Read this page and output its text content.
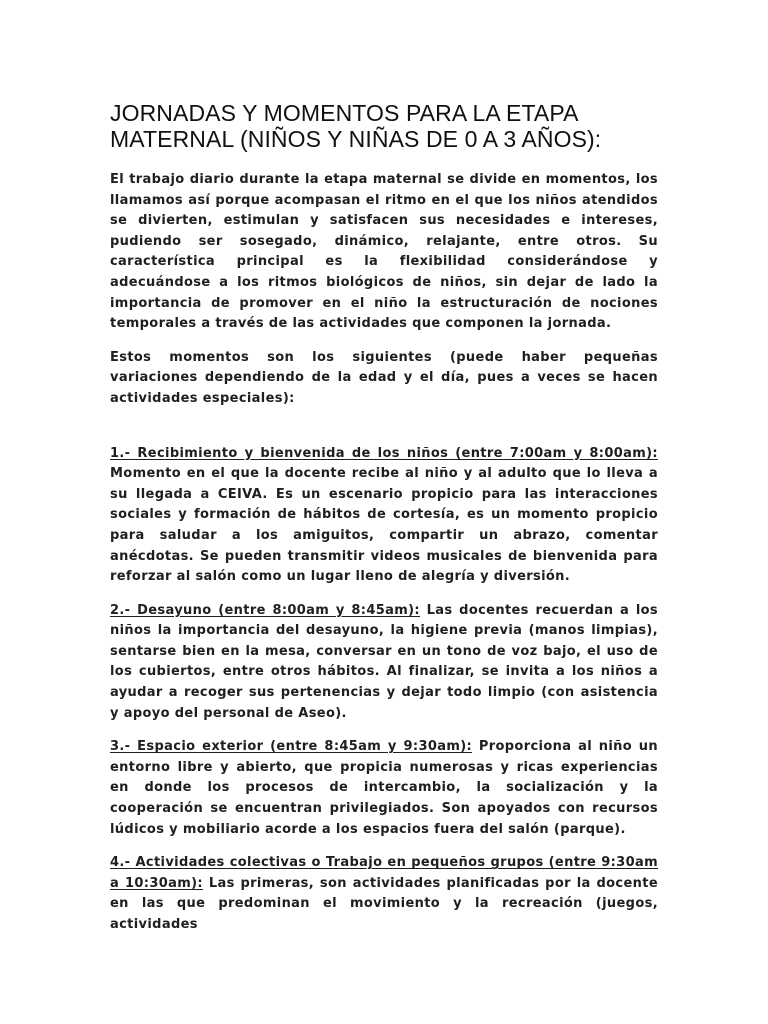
JORNADAS Y MOMENTOS PARA LA ETAPA MATERNAL (NIÑOS Y NIÑAS DE 0 A 3 AÑOS):

El trabajo diario durante la etapa maternal se divide en momentos, los llamamos así porque acompasan el ritmo en el que los niños atendidos se divierten, estimulan y satisfacen sus necesidades e intereses, pudiendo ser sosegado, dinámico, relajante, entre otros. Su característica principal es la flexibilidad considerándose y adecuándose a los ritmos biológicos de niños, sin dejar de lado la importancia de promover en el niño la estructuración de nociones temporales a través de las actividades que componen la jornada.

Estos momentos son los siguientes (puede haber pequeñas variaciones dependiendo de la edad y el día, pues a veces se hacen actividades especiales):

1.- Recibimiento y bienvenida de los niños (entre 7:00am y 8:00am): Momento en el que la docente recibe al niño y al adulto que lo lleva a su llegada a CEIVA. Es un escenario propicio para las interacciones sociales y formación de hábitos de cortesía, es un momento propicio para saludar a los amiguitos, compartir un abrazo, comentar anécdotas. Se pueden transmitir videos musicales de bienvenida para reforzar al salón como un lugar lleno de alegría y diversión.

2.- Desayuno (entre 8:00am y 8:45am): Las docentes recuerdan a los niños la importancia del desayuno, la higiene previa (manos limpias), sentarse bien en la mesa, conversar en un tono de voz bajo, el uso de los cubiertos, entre otros hábitos. Al finalizar, se invita a los niños a ayudar a recoger sus pertenencias y dejar todo limpio (con asistencia y apoyo del personal de Aseo).

3.- Espacio exterior (entre 8:45am y 9:30am): Proporciona al niño un entorno libre y abierto, que propicia numerosas y ricas experiencias en donde los procesos de intercambio, la socialización y la cooperación se encuentran privilegiados. Son apoyados con recursos lúdicos y mobiliario acorde a los espacios fuera del salón (parque).

4.- Actividades colectivas o Trabajo en pequeños grupos (entre 9:30am a 10:30am): Las primeras, son actividades planificadas por la docente en las que predominan el movimiento y la recreación (juegos, actividades
